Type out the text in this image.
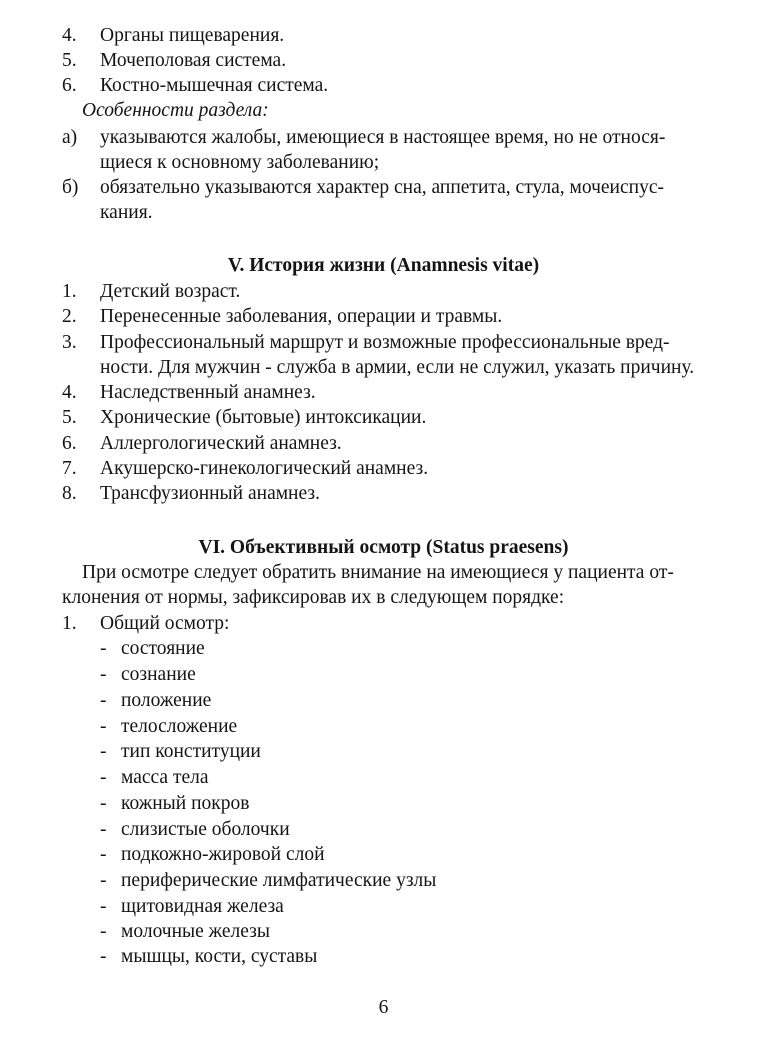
4. Органы пищеварения.
5. Мочеполовая система.
6. Костно-мышечная система.
Особенности раздела:
а) указываются жалобы, имеющиеся в настоящее время, но не относя-
щиеся к основному заболеванию;
б) обязательно указываются характер сна, аппетита, стула, мочеиспус-
кания.
V. История жизни (Anamnesis vitae)
1. Детский возраст.
2. Перенесенные заболевания, операции и травмы.
3. Профессиональный маршрут и возможные профессиональные вред-
ности. Для мужчин - служба в армии, если не служил, указать причину.
4. Наследственный анамнез.
5. Хронические (бытовые) интоксикации.
6. Аллергологический анамнез.
7. Акушерско-гинекологический анамнез.
8. Трансфузионный анамнез.
VI. Объективный осмотр (Status praesens)
При осмотре следует обратить внимание на имеющиеся у пациента от-
клонения от нормы, зафиксировав их в следующем порядке:
1. Общий осмотр:
- состояние
- сознание
- положение
- телосложение
- тип конституции
- масса тела
- кожный покров
- слизистые оболочки
- подкожно-жировой слой
- периферические лимфатические узлы
- щитовидная железа
- молочные железы
- мышцы, кости, суставы
6
